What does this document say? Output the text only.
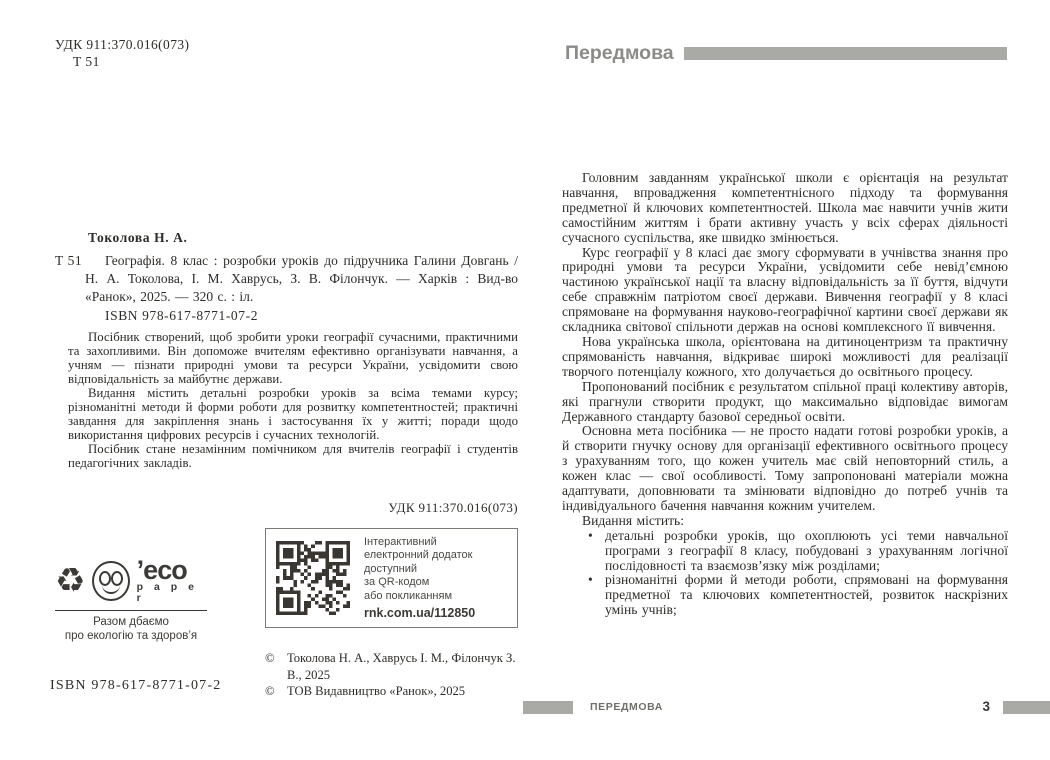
УДК 911:370.016(073)
Т 51
Токолова Н. А.
Т 51	Географія. 8 клас : розробки уроків до підручника Галини Довгань / Н. А. Токолова, І. М. Хаврусь, З. В. Філончук. — Харків : Вид-во «Ранок», 2025. — 320 с. : іл.
ISBN 978-617-8771-07-2

Посібник створений, щоб зробити уроки географії сучасними, практичними та захопливими. Він допоможе вчителям ефективно організувати навчання, а учням — пізнати природні умови та ресурси України, усвідомити свою відповідальність за майбутнє держави.

Видання містить детальні розробки уроків за всіма темами курсу; різноманітні методи й форми роботи для розвитку компетентностей; практичні завдання для закріплення знань і застосування їх у житті; поради щодо використання цифрових ресурсів і сучасних технологій.

Посібник стане незамінним помічником для вчителів географії і студентів педагогічних закладів.

УДК 911:370.016(073)
♻ ’eco
p a p e r
Разом дбаємо
про екологію та здоров’я
Інтерактивний
електронний додаток
доступний
за QR-кодом
або покликанням
rnk.com.ua/112850
ISBN 978-617-8771-07-2
© Токолова Н. А., Хаврусь І. М., Філончук З. В., 2025
© ТОВ Видавництво «Ранок», 2025
Передмова

Головним завданням української школи є орієнтація на результат навчання, впровадження компетентнісного підходу та формування предметної й ключових компетентностей. Школа має навчити учнів жити самостійним життям і брати активну участь у всіх сферах діяльності сучасного суспільства, яке швидко змінюється.

Курс географії у 8 класі дає змогу сформувати в учнівства знання про природні умови та ресурси України, усвідомити себе невід’ємною частиною української нації та власну відповідальність за її буття, відчути себе справжнім патріотом своєї держави. Вивчення географії у 8 класі спрямоване на формування науково-географічної картини своєї держави як складника світової спільноти держав на основі комплексного її вивчення.

Нова українська школа, орієнтована на дитиноцентризм та практичну спрямованість навчання, відкриває широкі можливості для реалізації творчого потенціалу кожного, хто долучається до освітнього процесу.

Пропонований посібник є результатом спільної праці колективу авторів, які прагнули створити продукт, що максимально відповідає вимогам Державного стандарту базової середньої освіти.

Основна мета посібника — не просто надати готові розробки уроків, а й створити гнучку основу для організації ефективного освітнього процесу з урахуванням того, що кожен учитель має свій неповторний стиль, а кожен клас — свої особливості. Тому запропоновані матеріали можна адаптувати, доповнювати та змінювати відповідно до потреб учнів та індивідуального бачення навчання кожним учителем.

Видання містить:

• детальні розробки уроків, що охоплюють усі теми навчальної програми з географії 8 класу, побудовані з урахуванням логічної послідовності та взаємозв’язку між розділами;
• різноманітні форми й методи роботи, спрямовані на формування предметної та ключових компетентностей, розвиток наскрізних умінь учнів;
ПЕРЕДМОВА	3
